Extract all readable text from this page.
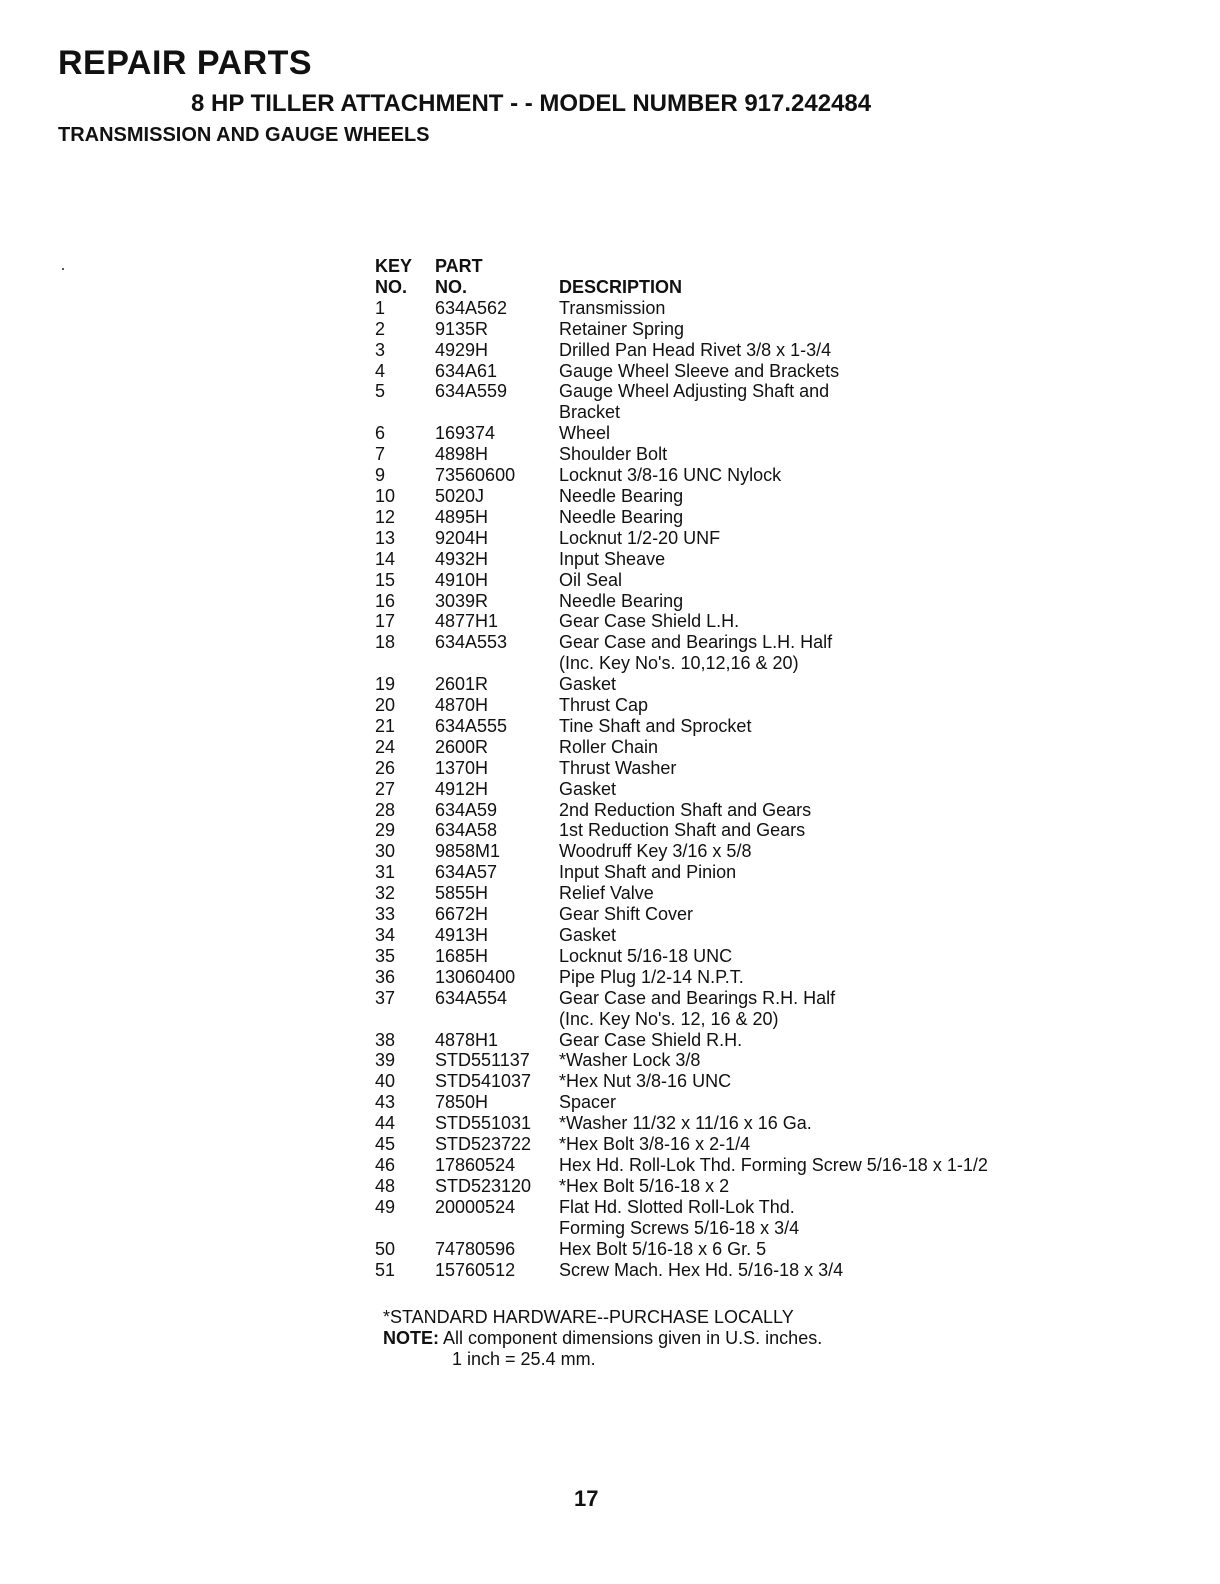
REPAIR PARTS
8 HP TILLER ATTACHMENT - - MODEL NUMBER 917.242484
TRANSMISSION AND GAUGE WHEELS
KEY	PART
NO.	NO.	DESCRIPTION
1	634A562	Transmission
2	9135R	Retainer Spring
3	4929H	Drilled Pan Head Rivet 3/8 x 1-3/4
4	634A61	Gauge Wheel Sleeve and Brackets
5	634A559	Gauge Wheel Adjusting Shaft and
Bracket
6	169374	Wheel
7	4898H	Shoulder Bolt
9	73560600	Locknut 3/8-16 UNC Nylock
10	5020J	Needle Bearing
12	4895H	Needle Bearing
13	9204H	Locknut 1/2-20 UNF
14	4932H	Input Sheave
15	4910H	Oil Seal
16	3039R	Needle Bearing
17	4877H1	Gear Case Shield L.H.
18	634A553	Gear Case and Bearings L.H. Half
(Inc. Key No's. 10,12,16 & 20)
19	2601R	Gasket
20	4870H	Thrust Cap
21	634A555	Tine Shaft and Sprocket
24	2600R	Roller Chain
26	1370H	Thrust Washer
27	4912H	Gasket
28	634A59	2nd Reduction Shaft and Gears
29	634A58	1st Reduction Shaft and Gears
30	9858M1	Woodruff Key 3/16 x 5/8
31	634A57	Input Shaft and Pinion
32	5855H	Relief Valve
33	6672H	Gear Shift Cover
34	4913H	Gasket
35	1685H	Locknut 5/16-18 UNC
36	13060400	Pipe Plug 1/2-14 N.P.T.
37	634A554	Gear Case and Bearings R.H. Half
(Inc. Key No's. 12, 16 & 20)
38	4878H1	Gear Case Shield R.H.
39	STD551137	*Washer Lock 3/8
40	STD541037	*Hex Nut 3/8-16 UNC
43	7850H	Spacer
44	STD551031	*Washer 11/32 x 11/16 x 16 Ga.
45	STD523722	*Hex Bolt 3/8-16 x 2-1/4
46	17860524	Hex Hd. Roll-Lok Thd. Forming Screw 5/16-18 x 1-1/2
48	STD523120	*Hex Bolt 5/16-18 x 2
49	20000524	Flat Hd. Slotted Roll-Lok Thd.
Forming Screws 5/16-18 x 3/4
50	74780596	Hex Bolt 5/16-18 x 6 Gr. 5
51	15760512	Screw Mach. Hex Hd. 5/16-18 x 3/4

*STANDARD HARDWARE--PURCHASE LOCALLY

NOTE: All component dimensions given in U.S. inches.

1 inch = 25.4 mm.

17
